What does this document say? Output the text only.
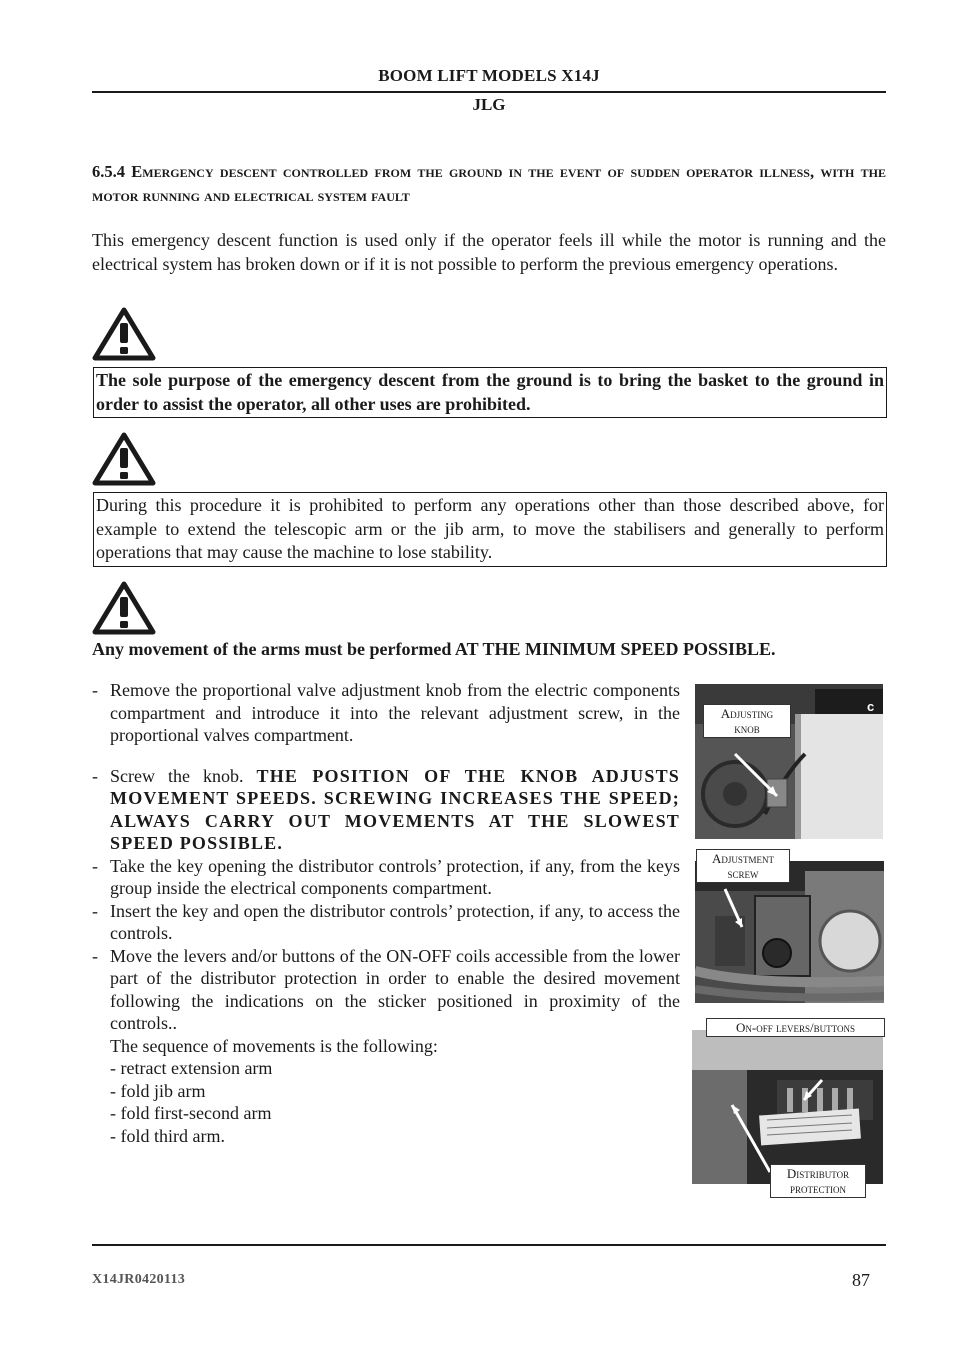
BOOM LIFT MODELS X14J
JLG
6.5.4 Emergency descent controlled from the ground in the event of sudden operator illness, with the motor running and electrical system fault
This emergency descent function is used only if the operator feels ill while the motor is running and the electrical system has broken down or if it is not possible to perform the previous emergency operations.
The sole purpose of the emergency descent from the ground is to bring the basket to the ground in order to assist the operator, all other uses are prohibited.
During this procedure it is prohibited to perform any operations other than those described above, for example to extend the telescopic arm or the jib arm, to move the stabilisers and generally to perform operations that may cause the machine to lose stability.
Any movement of the arms must be performed AT THE MINIMUM SPEED POSSIBLE.
- Remove the proportional valve adjustment knob from the electric components compartment and introduce it into the relevant adjustment screw, in the proportional valves compartment.
- Screw the knob. THE POSITION OF THE KNOB ADJUSTS MOVEMENT SPEEDS. SCREWING INCREASES THE SPEED; ALWAYS CARRY OUT MOVEMENTS AT THE SLOWEST SPEED POSSIBLE.
- Take the key opening the distributor controls’ protection, if any, from the keys group inside the electrical components compartment.
- Insert the key and open the distributor controls’ protection, if any, to access the controls.
- Move the levers and/or buttons of the ON-OFF coils accessible from the lower part of the distributor protection in order to enable the desired movement following the indications on the sticker positioned in proximity of the controls..
The sequence of movements is the following:
- retract extension arm
- fold jib arm
- fold first-second arm
- fold third arm.
c
Adjusting
knob
Adjustment
screw
On-off levers/buttons
Distributor
protection
X14JR0420113	87
